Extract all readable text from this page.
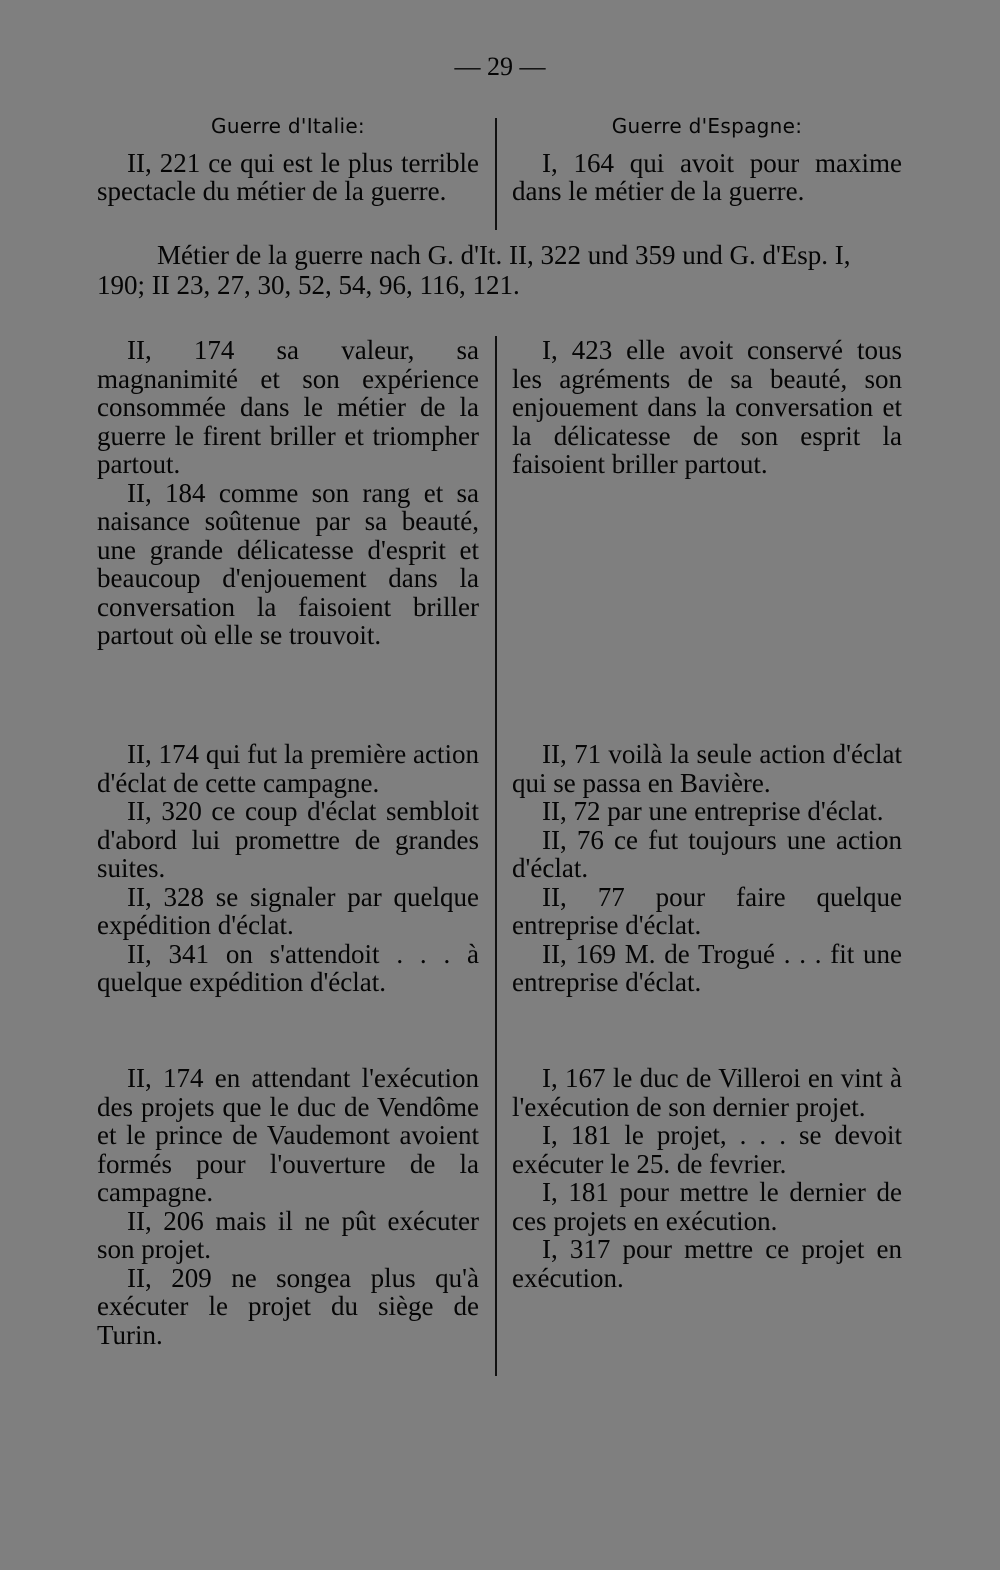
— 29 —
Guerre d'Italie:

II, 221 ce qui est le plus terrible spectacle du métier de la guerre.

Guerre d'Espagne:

I, 164 qui avoit pour maxime dans le métier de la guerre.

Métier de la guerre nach G. d'It. II, 322 und 359 und G. d'Esp. I, 190; II 23, 27, 30, 52, 54, 96, 116, 121.

II, 174 sa valeur, sa magnanimité et son expérience consommée dans le métier de la guerre le firent briller et triompher partout.

II, 184 comme son rang et sa naisance soûtenue par sa beauté, une grande délicatesse d'esprit et beaucoup d'enjouement dans la conversation la faisoient briller partout où elle se trouvoit.

I, 423 elle avoit conservé tous les agréments de sa beauté, son enjouement dans la conversation et la délicatesse de son esprit la faisoient briller partout.

II, 174 qui fut la première action d'éclat de cette campagne.

II, 320 ce coup d'éclat sembloit d'abord lui promettre de grandes suites.

II, 328 se signaler par quelque expédition d'éclat.

II, 341 on s'attendoit . . . à quelque expédition d'éclat.

II, 71 voilà la seule action d'éclat qui se passa en Bavière.

II, 72 par une entreprise d'éclat.

II, 76 ce fut toujours une action d'éclat.

II, 77 pour faire quelque entreprise d'éclat.

II, 169 M. de Trogué . . . fit une entreprise d'éclat.

II, 174 en attendant l'exécution des projets que le duc de Vendôme et le prince de Vaudemont avoient formés pour l'ouverture de la campagne.

II, 206 mais il ne pût exécuter son projet.

II, 209 ne songea plus qu'à exécuter le projet du siège de Turin.

I, 167 le duc de Villeroi en vint à l'exécution de son dernier projet.

I, 181 le projet, . . . se devoit exécuter le 25. de fevrier.

I, 181 pour mettre le dernier de ces projets en exécution.

I, 317 pour mettre ce projet en exécution.
